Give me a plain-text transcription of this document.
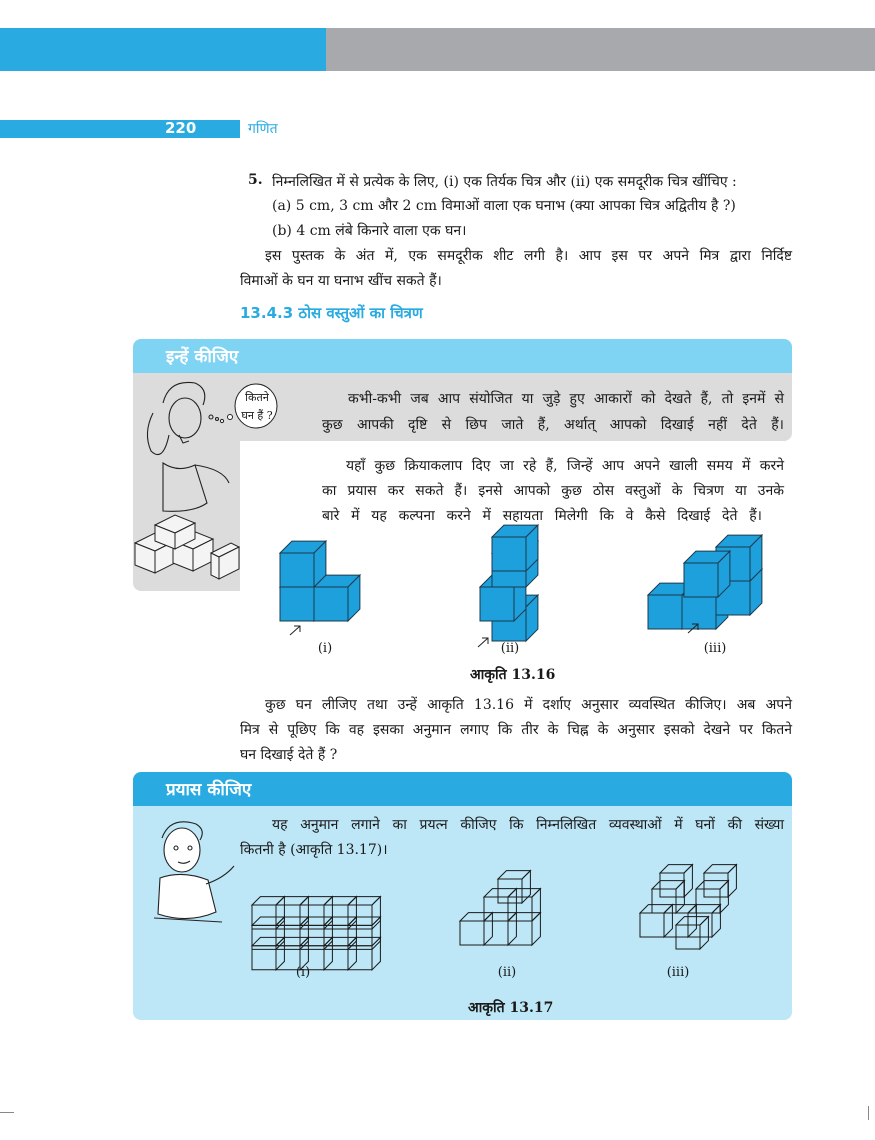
220	गणित
5. निम्नलिखित में से प्रत्येक के लिए, (i) एक तिर्यक चित्र और (ii) एक समदूरीक चित्र खींचिए :
(a) 5 cm, 3 cm और 2 cm विमाओं वाला एक घनाभ (क्या आपका चित्र अद्वितीय है ?)
(b) 4 cm लंबे किनारे वाला एक घन।
इस पुस्तक के अंत में, एक समदूरीक शीट लगी है। आप इस पर अपने मित्र द्वारा निर्दिष्ट
विमाओं के घन या घनाभ खींच सकते हैं।
13.4.3 ठोस वस्तुओं का चित्रण
इन्हें कीजिए
कितने
घन हैं ?
कभी-कभी जब आप संयोजित या जुड़े हुए आकारों को देखते हैं, तो इनमें से
कुछ आपकी दृष्टि से छिप जाते हैं, अर्थात् आपको दिखाई नहीं देते हैं।
यहाँ कुछ क्रियाकलाप दिए जा रहे हैं, जिन्हें आप अपने खाली समय में करने
का प्रयास कर सकते हैं। इनसे आपको कुछ ठोस वस्तुओं के चित्रण या उनके
बारे में यह कल्पना करने में सहायता मिलेगी कि वे कैसे दिखाई देते हैं।
(i)	(ii)	(iii)
आकृति 13.16
कुछ घन लीजिए तथा उन्हें आकृति 13.16 में दर्शाए अनुसार व्यवस्थित कीजिए। अब अपने
मित्र से पूछिए कि वह इसका अनुमान लगाए कि तीर के चिह्न के अनुसार इसको देखने पर कितने
घन दिखाई देते हैं ?
प्रयास कीजिए
यह अनुमान लगाने का प्रयत्न कीजिए कि निम्नलिखित व्यवस्थाओं में घनों की संख्या
कितनी है (आकृति 13.17)।
(i)	(ii)	(iii)
आकृति 13.17
